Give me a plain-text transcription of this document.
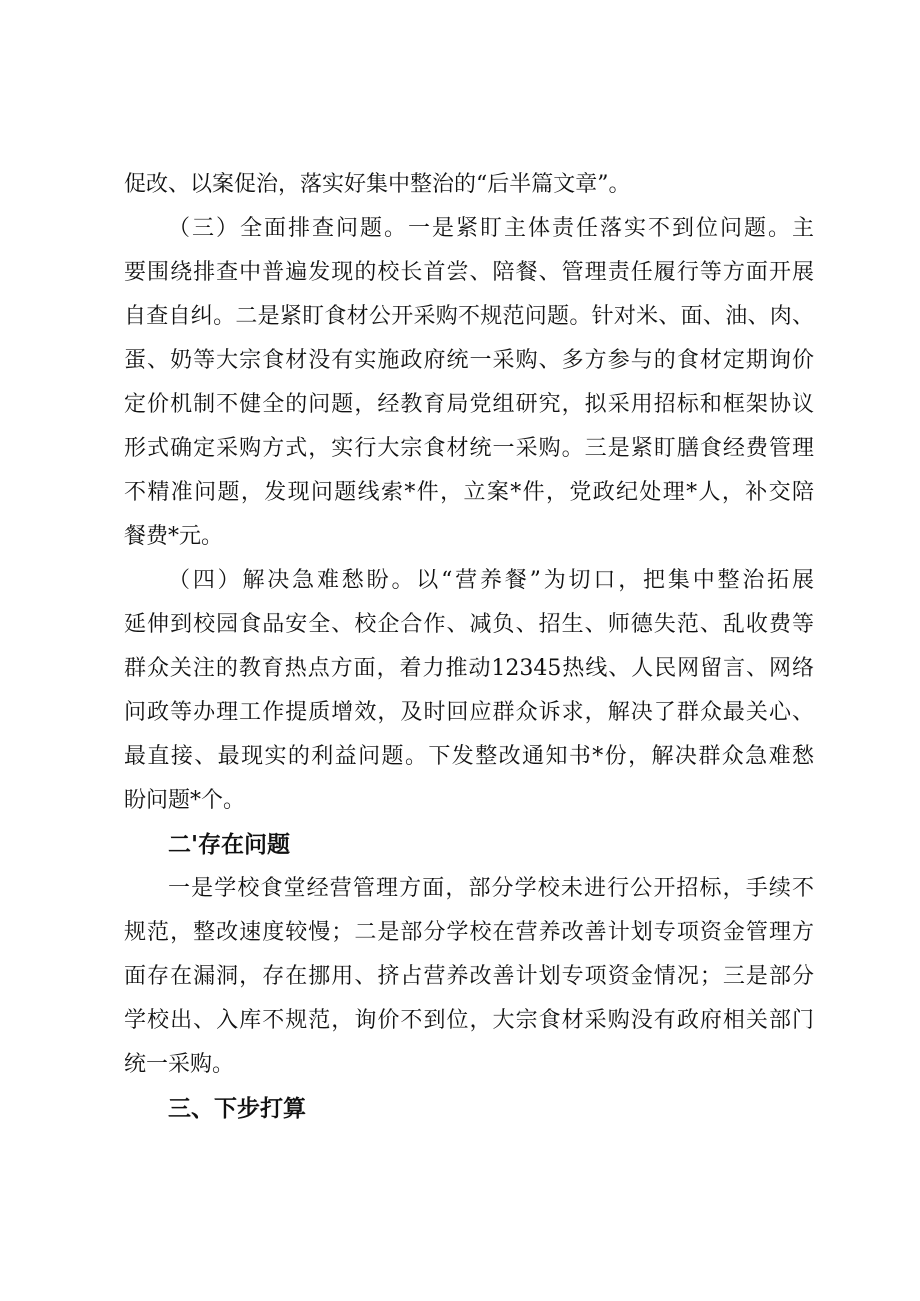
促改、以案促治，落实好集中整治的“后半篇文章”。
（三）全面排查问题。一是紧盯主体责任落实不到位问题。主
要围绕排查中普遍发现的校长首尝、陪餐、管理责任履行等方面开展
自查自纠。二是紧盯食材公开采购不规范问题。针对米、面、油、肉、
蛋、奶等大宗食材没有实施政府统一采购、多方参与的食材定期询价
定价机制不健全的问题，经教育局党组研究，拟采用招标和框架协议
形式确定采购方式，实行大宗食材统一采购。三是紧盯膳食经费管理
不精准问题，发现问题线索*件，立案*件，党政纪处理*人，补交陪
餐费*元。
（四）解决急难愁盼。以“营养餐”为切口，把集中整治拓展
延伸到校园食品安全、校企合作、减负、招生、师德失范、乱收费等
群众关注的教育热点方面，着力推动12345热线、人民网留言、网络
问政等办理工作提质增效，及时回应群众诉求，解决了群众最关心、
最直接、最现实的利益问题。下发整改通知书*份，解决群众急难愁
盼问题*个。
二'存在问题
一是学校食堂经营管理方面，部分学校未进行公开招标，手续不
规范，整改速度较慢；二是部分学校在营养改善计划专项资金管理方
面存在漏洞，存在挪用、挤占营养改善计划专项资金情况；三是部分
学校出、入库不规范，询价不到位，大宗食材采购没有政府相关部门
统一采购。
三、下步打算
